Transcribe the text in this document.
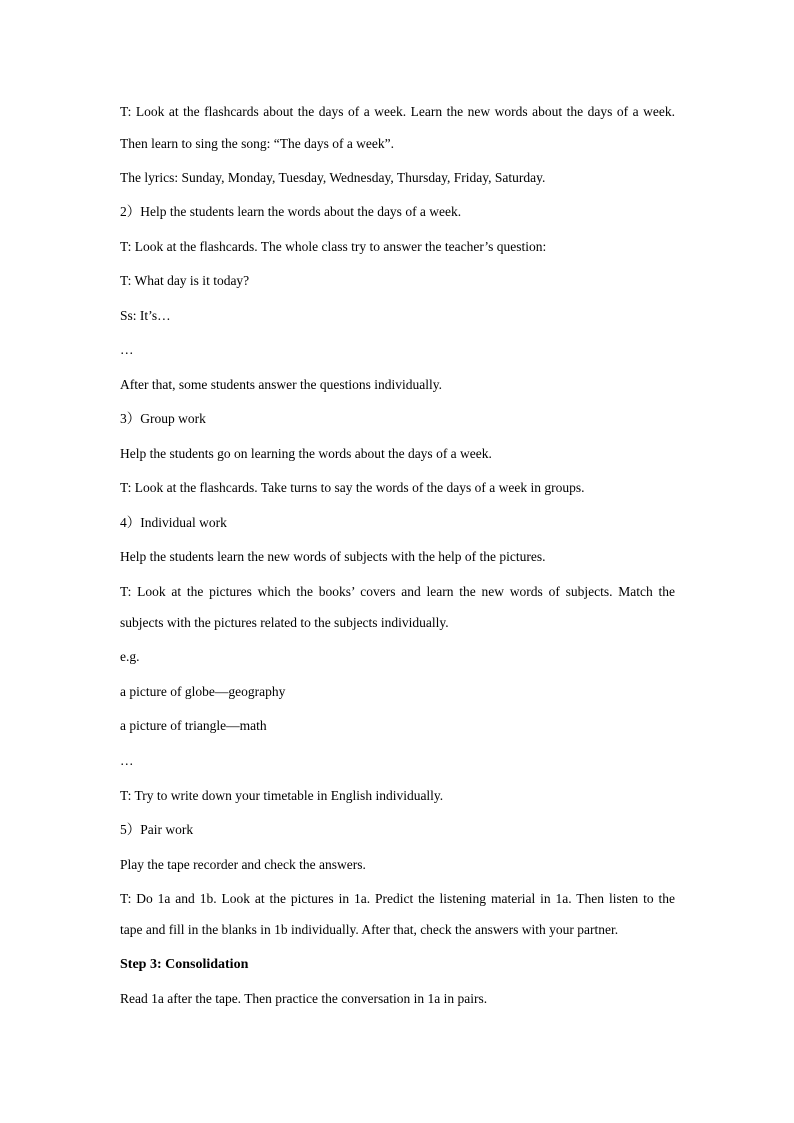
T: Look at the flashcards about the days of a week. Learn the new words about the days of a week.
Then learn to sing the song: “The days of a week”.
The lyrics: Sunday, Monday, Tuesday, Wednesday, Thursday, Friday, Saturday.
2）Help the students learn the words about the days of a week.
T: Look at the flashcards. The whole class try to answer the teacher’s question:
T: What day is it today?
Ss: It’s…
…
After that, some students answer the questions individually.
3）Group work
Help the students go on learning the words about the days of a week.
T: Look at the flashcards. Take turns to say the words of the days of a week in groups.
4）Individual work
Help the students learn the new words of subjects with the help of the pictures.
T: Look at the pictures which the books’ covers and learn the new words of subjects. Match the
subjects with the pictures related to the subjects individually.
e.g.
a picture of globe—geography
a picture of triangle—math
…
T: Try to write down your timetable in English individually.
5）Pair work
Play the tape recorder and check the answers.
T: Do 1a and 1b. Look at the pictures in 1a. Predict the listening material in 1a. Then listen to the
tape and fill in the blanks in 1b individually. After that, check the answers with your partner.
Step 3: Consolidation
Read 1a after the tape. Then practice the conversation in 1a in pairs.
